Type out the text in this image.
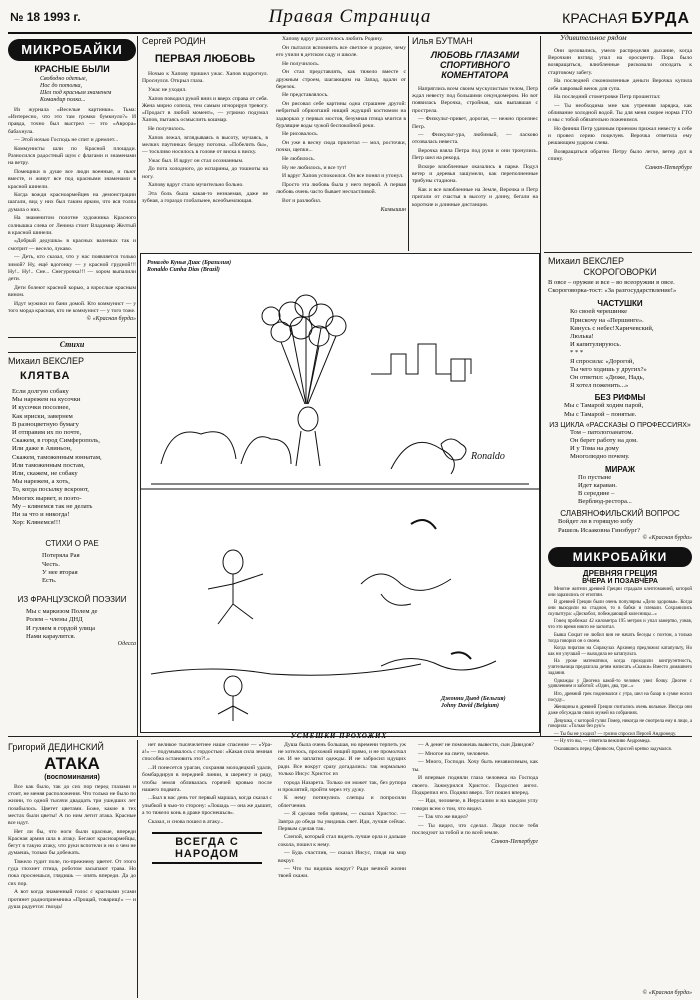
№ 18 1993 г.	Правая Страница	КРАСНАЯ БУРДА
Удивительное рядом
МИКРОБАЙКИ
КРАСНЫЕ БЫЛИ
Свободно одетые,
Нос до потолка,
Шел под красным знаменем
Командир полка...

Из журнала «Веселые картинки». Тьма: «Интересно, что это там громко бумкнуло?» И правда, точно был выстрел — это «Аврора» бабахнула.

— Этой ночью Господь не спит и дремлет...

Коммунисты шли по Красной площади. Разносился радостный шум с флагами и знаменами на ветру.

Помещики в душе все люди военные, и пьют вместе, и живут все под красными знаменами в красной шинели.

Когда вожди красноармейцев на демонстрации шагали, вид у них был таким ярким, что вся толпа думала о них.

На знаменитом полотне художника Красного солнышка слева от Ленина стоит Владимир Желтый в красной шинели.

«Добрый дедушка» в красных валенках так и смотрит — весело, лукаво.

— Деть, кто сказал, что у нас появляется только зимой? Ну, ещё вдогонку — у красной грудной!!! Ну!.. Ну!.. Сне... Снегурочка!!! — хором выпалили дети.

Дети болеют красной корью, а взрослые красным вином.

Идут мужики из бани домой. Кто коммунист — у того морда красная, кто не коммунист — у того тоже.

© «Красная бурда»
Стихи
Михаил ВЕКСЛЕР
КЛЯТВА
Если долгую собаку
Мы нарежем на кусочки
И кусочки посолнее,
Как ириски, завернем
В разноцветную бумагу
И отправим их по почте,
Скажем, в город Симферополь,
Или даже в Авиньон,
Скажем, таможенным юннатам,
Или таможенным постам,
Или, скажем, не собаку
Мы нарежем, а хоть,
То, когда посылку вскроют,
Многих вырвет, и поэто-
Му – клянемся так не делать
Ни за что и никогда!
Хор: Клянемся!!!
СТИХИ О РАЕ
Потеряла Рая
Честь.
У нее вторая
Есть.
ИЗ ФРАНЦУЗСКОЙ ПОЭЗИИ
Мы с маркизом Полем де
Ролем – члены ДНД
И гуляем в гордой улица
Нами караулится.
Одесса
Сергей РОДИН
ПЕРВАЯ ЛЮБОВЬ

Ночью к Хапову пришел ужас. Хапов вздрогнул. Проснулся. Открыл глаза.

Ужас не уходил.

Хапов поводил рукой вниз и вверх справа от себя. Жена мирно сопела, тем самым игнорируя тревогу. «Продаст в любой момент», — угрюмо подумал Хапов, пытаясь осмыслить кошмар.

Не получилось.

Хапов лежал, вглядываясь в высоту, мучаясь, в мелких паутинках бездну потолка. «Побелить бы», — тоскливо носилось в голове от виска к виску.

Ужас был. И вдруг он стал осознанным.

До пота холодного, до испарины, до тошноты на ногу.

Хапову вдруг стало мучительно больно.

Эта боль была какая-то незнаемая, даже не зубная, а гораздо глобальнее, всеобъемлющая.

Хапову вдруг расхотелось любить Родину.

Он пытался вспомнить все светлое и родное, чему его учили в детском саду и школе.

Не получилось.

Он стал представлять, как тяжело вместе с дружным строем, шагающим на Запад, вдали от березок.

Не представлялось.

Он рисовал себе картины одна страшнее другой: небритый обрюзгший нищий ждущий костюмом на задворках у первых мостов, безумная птица мчится в бурлящие воды чужой беспокойной реки.

Не рисовалось.

Он уже в весну сюда прилетал — мол, росточки, почки, щепки...

Не любилось.

Ну не любилось, и все тут!

И вдруг Хапов успокоился. Он все понял и утонул.

Просто эта любовь была у него первой. А первая любовь очень часто бывает несчастливой.

Вот и разлюбил.

Камышин
Илья БУТМАН
ЛЮБОВЬ ГЛАЗАМИ СПОРТИВНОГО КОМЕНТАТОРА

Напряглись всем своим мускулистым телом, Петр ждал невесту под большими секундомером. Но вот появилась Верочка, стройная, как выпавшая с прострела.

— Физкульт-привет, дорогая, — нежно произнес Петр.

— Физкульт-ура, любимый, — ласково отозвалась невеста.

Верочка взяла Петра под руки и они тронулись. Петр шел на рекорд.

Вскоре влюбленные оказались в парке. Подул ветер и деревья зашумели, как переполненные трибуны стадиона.

Как и все влюбленные на Земле, Верочка и Петр пригали от счастья в высоту и длину, бегали на короткие и длинные дистанции.

Они целовались, умело распределяя дыхание, когда Верочкин взгляд упал на оросцентр. Пора было возвращаться, влюбленные рисковали опоздать к стартовому забегу.

На последней сэкономленные деньги Верочка купила себе лавровый венок для супа.

На последний стометровке Петр прошептал:

— Ты необходима мне как утренняя зарядка, как обливание холодной водой. Ты для меня скорее норма ГТО и мы с тобой обязательно поженимся.

Но финиш Петр удачным приемом прижал невесту к себе и провел серию поцелуев. Верочка ответила ему решающим ударом слева.

Возвращаться обратно Петру было легче, ветер дул в спину.

Санкт-Петербург
Михаил ВЕКСЛЕР
СКОРОГОВОРКИ
В овсе – оружие и все – во всеоружии в овсе.
Скороговорка-тост: «За разгосударствление!»
ЧАСТУШКИ
Ко своей черешинке
Прискочу на «Першинге».
Кинусь с небес!Харичевский,
Люлька!
И капитулируюсь.
* * *
Я спросила: «Дорогой,
Ты чего ходишь у других?»
Он ответил: «Дюже, Надь,
Я хотел поженить...»
БЕЗ РИФМЫ
Мы с Тамарой ходим парой,
Мы с Тамарой – понятые.
ИЗ ЦИКЛА «РАССКАЗЫ О ПРОФЕССИЯХ»
Том – патологоанатом.
Он берет работу на дом.
И у Тома на дому
Многолюдно почему.
МИРАЖ
По пустыне
Идет караван.
В середине –
Верблюд-рестора...
СЛАВЯНОФИЛЬСКИЙ ВОПРОС
Войдет ли в горящую избу
Рашель Исааковна Гинзбург?
© «Красная бурда»
МИКРОБАЙКИ
ДРЕВНЯЯ ГРЕЦИЯ
ВЧЕРА И ПОЗАВЧЕРА

Многие жители древней Греции страдали клептоманией, которой они заразились от египтян.

В древней Греции были очень популярны «Дело здоровья». Когда они выходили на стадион, то в бабки и плевали. Сохранились скульптура: «Дискобол, побеждающий колесницы...»

Гонец пробежал 42 километра 195 метров и упал замертво, узнав, что это время никто не засчитал.

Бывш Сократ не любил вин не начать беседы с поэтом, а только тогда говорил он о своем.

Когда пиратам на Сиракузах Архимед предложил катапульту, Но как ни улучшай — выходила не катапульта.

На уроке математики, когда проходили конгруэнтность, учительница предлагала детям написать «Сказки» Вместо домашнего задания.

Однажды у Диогена какой-то человек увел бочку. Диоген с удивлением и заботой: «Один, два, три...»

Иго, древний грек поднимался с утра, шел на базар в сумке носил посуду...

Женщины в древней Греции считались очень вольные. Иногда они даже обсуждали своих мужей на собраниях.

Девушка, с которой гулял Гомер, никогда не смотрела ему в лицо, а говорила: «Только без рук!»

— Ты бы не уходил? — грозно спросил Персей Андромеду.

— Ну что вы, — ответила вежливо Андромеда.

Оказавшись перед Сфинксом, Одиссей крепко задумался.

© «Красная бурда»
Роналдо Кунья Диас (Бразилия)
Ronaldo Cunha Dias (Brazil)
Ronaldo
Джонни Дьюд (Бельгия)
Johny David (Belgium)
УСМЕШКИ ПРОХОЖИХ
Григорий ДЕДИНСКИЙ
АТАКА
(воспоминания)

Все как было, так до сих пор перед глазами и стоит, не меняя расположения. Что только не было по жизни, то одной тысячи двадцать три ушедших лет позабылось. Цветет цветами. Боже, какие в тех местах были цветы! А по ним летит атака. Красные все идут.

Нет ли бы, что ноги были красные, впереди Красная армия шла в атаку. Бегают красноармейцы, бегут в такую атаку, что руки вспотели и ни о чем не думаешь, только бы добежать.

Тяжело гудит поле, по-прежнему цветет. От этого гуда глохнет птица, роботом засыпают трава. Но пока проснешься, глядишь — опять впереди. Да до сих пор.

А вот когда знаменный голос с красными усами протянет радиоприемника «Прощай, товарищ!» — и душа радуется: гвоздь!

нет великое тысячелетнее наше спасение — «Ура-а!» — подумывалось с гордостью: «Какая сила земная способна остановить это?!.»

...И понесется ураган, сохраняя молодецкий удали, бомбардируя в передней линии, в шеренгу и ряду, чтобы земля обливалась горячей кровью после нашего подвига.

...Был в нас день тот первый маршал, когда сказал с улыбкой в чью-то сторону: «Лошадь — она же дышит, а то тяжело конь в драке проснешься».

Сказал, и снова пошел в атаку...

ВСЕГДА С НАРОДОМ

Душа была очень большая, но времени терпеть уж не хотелось, прохожий нищий прямо, и не промолчал он. И не заплатил одежды. И не забросил идущих ради. Все вокруг сразу догадались: так нормально только Иисус Христос из

города Назарета. Только он может так, без рупора и проклятий, пройти через эту дужу.

К нему потянулись слепцы и попросили облегчения.

— Я сделаю тебя зрячим, — сказал Христос. — Завтра до обеда ты увидишь свет. Иди, лучше сейчас. Первым сделав так.

Слепой, который стал видеть лучше орла и дальше сокола, пошел к нему.

— Будь счастлив, — сказал Иисус, глядя на мир вокруг.

— Что ты видишь вокруг? Ради вечной жизни твоей скажи.

— А денег не поможешь вывести, сын Давидов?

— Многое на свете, человече.

— Много, Господи. Хочу быть независимым, как ты.

И впервые подняли глаза человека на Господа своего. Зажмурился Христос. Подоспел ангел. Подкрепил его. Поднял вверх. Тот пошел вперед.

— Иди, человече, в Иерусалим и на каждом углу говори всем о том, что видел.

— Так что же видел?

— Ты видел, что сделал. Люди после тебя последуют за тобой и по всей земле.

Санкт-Петербург
